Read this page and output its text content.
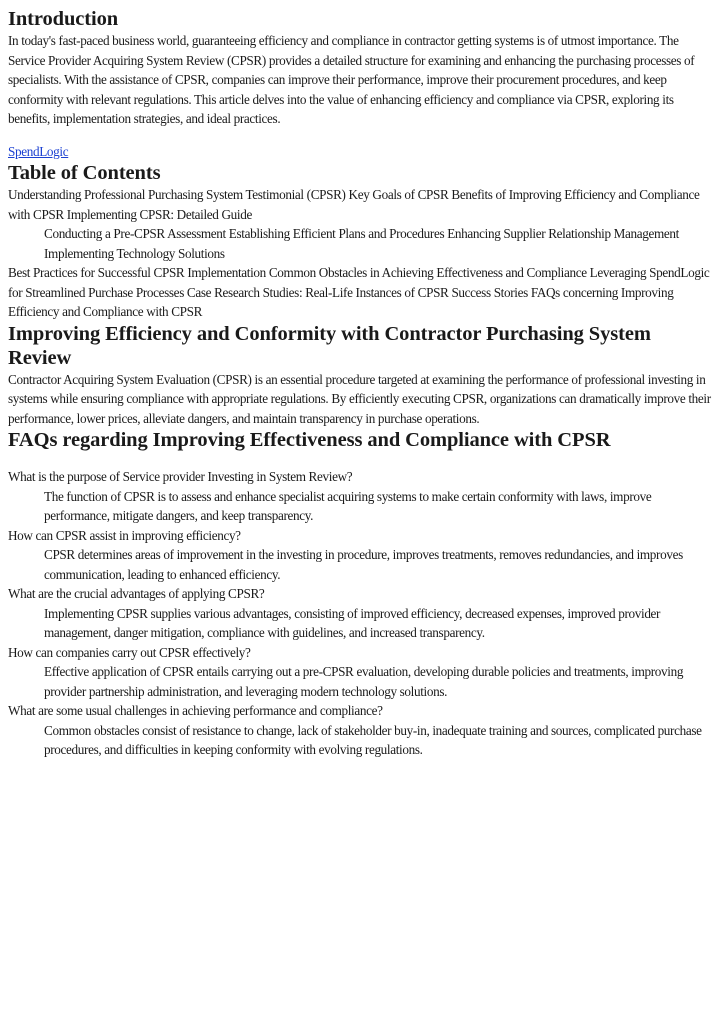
Introduction

In today's fast-paced business world, guaranteeing efficiency and compliance in contractor getting systems is of utmost importance. The Service Provider Acquiring System Review (CPSR) provides a detailed structure for examining and enhancing the purchasing processes of specialists. With the assistance of CPSR, companies can improve their performance, improve their procurement procedures, and keep conformity with relevant regulations. This article delves into the value of enhancing efficiency and compliance via CPSR, exploring its benefits, implementation strategies, and ideal practices.

SpendLogic
Table of Contents

Understanding Professional Purchasing System Testimonial (CPSR) Key Goals of CPSR Benefits of Improving Efficiency and Compliance with CPSR Implementing CPSR: Detailed Guide

Conducting a Pre-CPSR Assessment Establishing Efficient Plans and Procedures Enhancing Supplier Relationship Management Implementing Technology Solutions

Best Practices for Successful CPSR Implementation Common Obstacles in Achieving Effectiveness and Compliance Leveraging SpendLogic for Streamlined Purchase Processes Case Research Studies: Real-Life Instances of CPSR Success Stories FAQs concerning Improving Efficiency and Compliance with CPSR

Improving Efficiency and Conformity with Contractor Purchasing System Review

Contractor Acquiring System Evaluation (CPSR) is an essential procedure targeted at examining the performance of professional investing in systems while ensuring compliance with appropriate regulations. By efficiently executing CPSR, organizations can dramatically improve their performance, lower prices, alleviate dangers, and maintain transparency in purchase operations.

FAQs regarding Improving Effectiveness and Compliance with CPSR

What is the purpose of Service provider Investing in System Review?

The function of CPSR is to assess and enhance specialist acquiring systems to make certain conformity with laws, improve performance, mitigate dangers, and keep transparency.

How can CPSR assist in improving efficiency?

CPSR determines areas of improvement in the investing in procedure, improves treatments, removes redundancies, and improves communication, leading to enhanced efficiency.

What are the crucial advantages of applying CPSR?

Implementing CPSR supplies various advantages, consisting of improved efficiency, decreased expenses, improved provider management, danger mitigation, compliance with guidelines, and increased transparency.

How can companies carry out CPSR effectively?

Effective application of CPSR entails carrying out a pre-CPSR evaluation, developing durable policies and treatments, improving provider partnership administration, and leveraging modern technology solutions.

What are some usual challenges in achieving performance and compliance?

Common obstacles consist of resistance to change, lack of stakeholder buy-in, inadequate training and sources, complicated purchase procedures, and difficulties in keeping conformity with evolving regulations.
